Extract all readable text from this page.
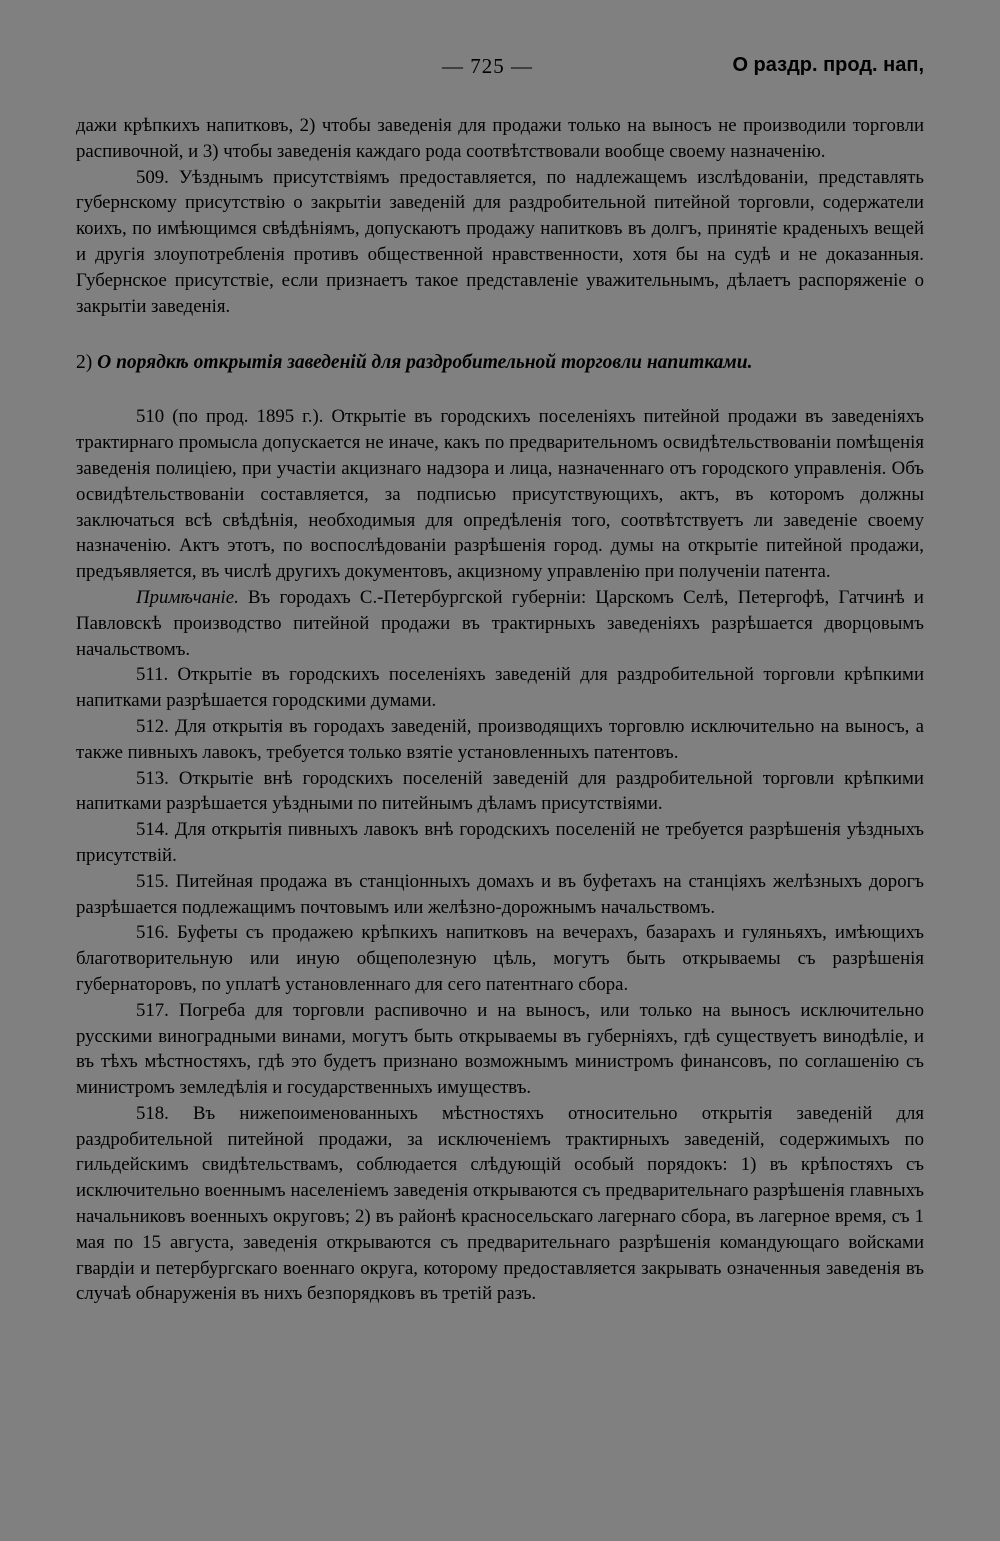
— 725 —	О раздр. прод. нап,

дажи крѣпкихъ напитковъ, 2) чтобы заведенія для продажи только на выносъ не производили торговли распивочной, и 3) чтобы заведенія каждаго рода соотвѣтствовали вообще своему назначенію.

509. Уѣзднымъ присутствіямъ предоставляется, по надлежащемъ изслѣдованіи, представлять губернскому присутствію о закрытіи заведеній для раздробительной питейной торговли, содержатели коихъ, по имѣющимся свѣдѣніямъ, допускаютъ продажу напитковъ въ долгъ, принятіе краденыхъ вещей и другія злоупотребленія противъ общественной нравственности, хотя бы на судѣ и не доказанныя. Губернское присутствіе, если признаетъ такое представленіе уважительнымъ, дѣлаетъ распоряженіе о закрытіи заведенія.

2) О порядкѣ открытія заведеній для раздробительной торговли напитками.

510 (по прод. 1895 г.). Открытіе въ городскихъ поселеніяхъ питейной продажи въ заведеніяхъ трактирнаго промысла допускается не иначе, какъ по предварительномъ освидѣтельствованіи помѣщенія заведенія полиціею, при участіи акцизнаго надзора и лица, назначеннаго отъ городского управленія. Объ освидѣтельствованіи составляется, за подписью присутствующихъ, актъ, въ которомъ должны заключаться всѣ свѣдѣнія, необходимыя для опредѣленія того, соотвѣтствуетъ ли заведеніе своему назначенію. Актъ этотъ, по воспослѣдованіи разрѣшенія город. думы на открытіе питейной продажи, предъявляется, въ числѣ другихъ документовъ, акцизному управленію при полученіи патента.

Примѣчаніе. Въ городахъ С.-Петербургской губерніи: Царскомъ Селѣ, Петергофѣ, Гатчинѣ и Павловскѣ производство питейной продажи въ трактирныхъ заведеніяхъ разрѣшается дворцовымъ начальствомъ.

511. Открытіе въ городскихъ поселеніяхъ заведеній для раздробительной торговли крѣпкими напитками разрѣшается городскими думами.

512. Для открытія въ городахъ заведеній, производящихъ торговлю исключительно на выносъ, а также пивныхъ лавокъ, требуется только взятіе установленныхъ патентовъ.

513. Открытіе внѣ городскихъ поселеній заведеній для раздробительной торговли крѣпкими напитками разрѣшается уѣздными по питейнымъ дѣламъ присутствіями.

514. Для открытія пивныхъ лавокъ внѣ городскихъ поселеній не требуется разрѣшенія уѣздныхъ присутствій.

515. Питейная продажа въ станціонныхъ домахъ и въ буфетахъ на станціяхъ желѣзныхъ дорогъ разрѣшается подлежащимъ почтовымъ или желѣзно-дорожнымъ начальствомъ.

516. Буфеты съ продажею крѣпкихъ напитковъ на вечерахъ, базарахъ и гуляньяхъ, имѣющихъ благотворительную или иную общеполезную цѣль, могутъ быть открываемы съ разрѣшенія губернаторовъ, по уплатѣ установленнаго для сего патентнаго сбора.

517. Погреба для торговли распивочно и на выносъ, или только на выносъ исключительно русскими виноградными винами, могутъ быть открываемы въ губерніяхъ, гдѣ существуетъ винодѣліе, и въ тѣхъ мѣстностяхъ, гдѣ это будетъ признано возможнымъ министромъ финансовъ, по соглашенію съ министромъ земледѣлія и государственныхъ имуществъ.

518. Въ нижепоименованныхъ мѣстностяхъ относительно открытія заведеній для раздробительной питейной продажи, за исключеніемъ трактирныхъ заведеній, содержимыхъ по гильдейскимъ свидѣтельствамъ, соблюдается слѣдующій особый порядокъ: 1) въ крѣпостяхъ съ исключительно военнымъ населеніемъ заведенія открываются съ предварительнаго разрѣшенія главныхъ начальниковъ военныхъ округовъ; 2) въ районѣ красносельскаго лагернаго сбора, въ лагерное время, съ 1 мая по 15 августа, заведенія открываются съ предварительнаго разрѣшенія командующаго войсками гвардіи и петербургскаго военнаго округа, которому предоставляется закрывать означенныя заведенія въ случаѣ обнаруженія въ нихъ безпорядковъ въ третій разъ.
